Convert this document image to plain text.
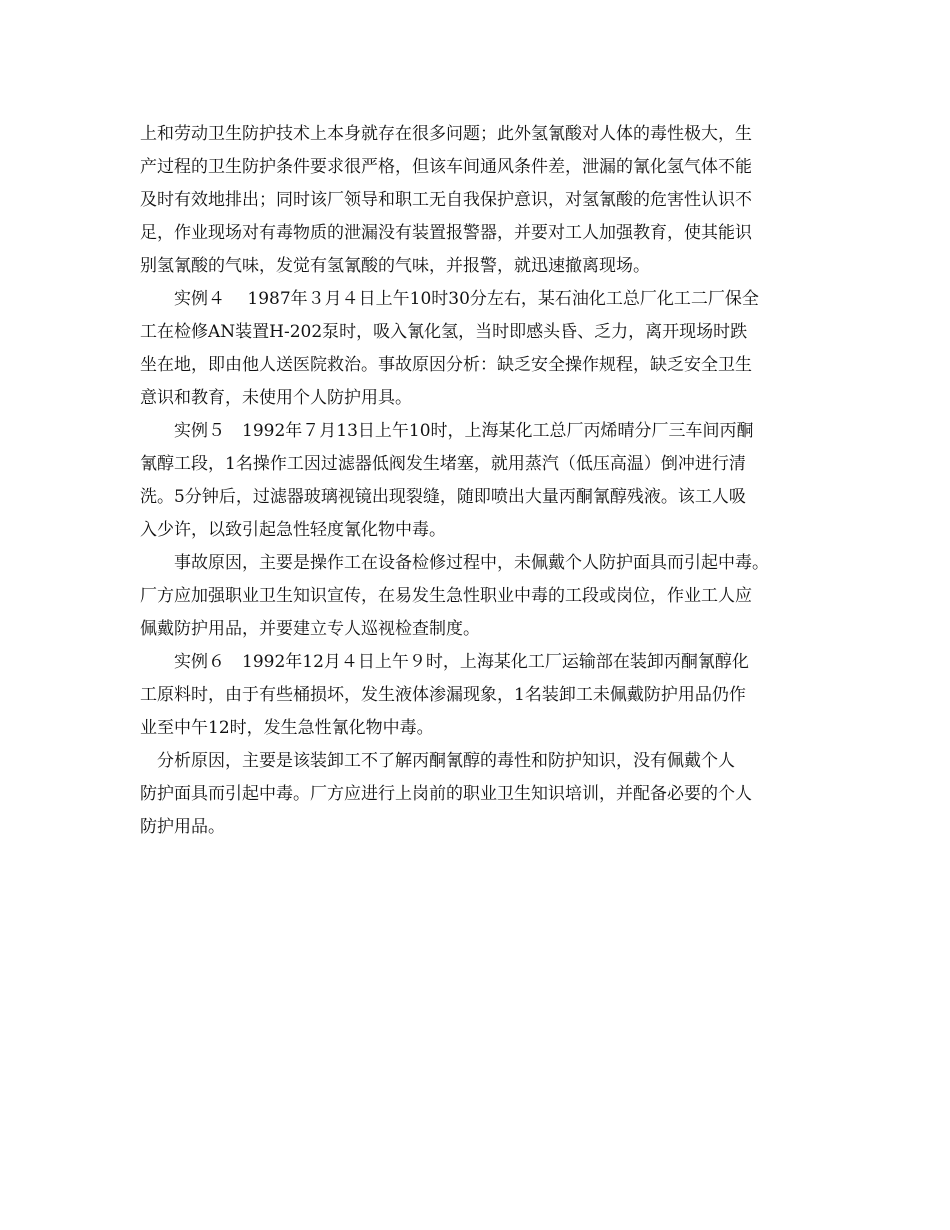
上和劳动卫生防护技术上本身就存在很多问题；此外氢氰酸对人体的毒性极大，生
产过程的卫生防护条件要求很严格，但该车间通风条件差，泄漏的氰化氢气体不能
及时有效地排出；同时该厂领导和职工无自我保护意识，对氢氰酸的危害性认识不
足，作业现场对有毒物质的泄漏没有装置报警器，并要对工人加强教育，使其能识
别氢氰酸的气味，发觉有氢氰酸的气味，并报警，就迅速撤离现场。

　　实例４　 1987年３月４日上午10时30分左右，某石油化工总厂化工二厂保全
工在检修AN装置H-202泵时，吸入氰化氢，当时即感头昏、乏力，离开现场时跌
坐在地，即由他人送医院救治。事故原因分析：缺乏安全操作规程，缺乏安全卫生
意识和教育，未使用个人防护用具。

　　实例５　1992年７月13日上午10时，上海某化工总厂丙烯晴分厂三车间丙酮
氰醇工段，1名操作工因过滤器低阀发生堵塞，就用蒸汽（低压高温）倒冲进行清
洗。5分钟后，过滤器玻璃视镜出现裂缝，随即喷出大量丙酮氰醇残液。该工人吸
入少许，以致引起急性轻度氰化物中毒。

　　事故原因，主要是操作工在设备检修过程中，未佩戴个人防护面具而引起中毒。
厂方应加强职业卫生知识宣传，在易发生急性职业中毒的工段或岗位，作业工人应
佩戴防护用品，并要建立专人巡视检查制度。

　　实例６　1992年12月４日上午９时，上海某化工厂运输部在装卸丙酮氰醇化
工原料时，由于有些桶损坏，发生液体渗漏现象，1名装卸工未佩戴防护用品仍作
业至中午12时，发生急性氰化物中毒。

　分析原因，主要是该装卸工不了解丙酮氰醇的毒性和防护知识，没有佩戴个人
防护面具而引起中毒。厂方应进行上岗前的职业卫生知识培训，并配备必要的个人
防护用品。
